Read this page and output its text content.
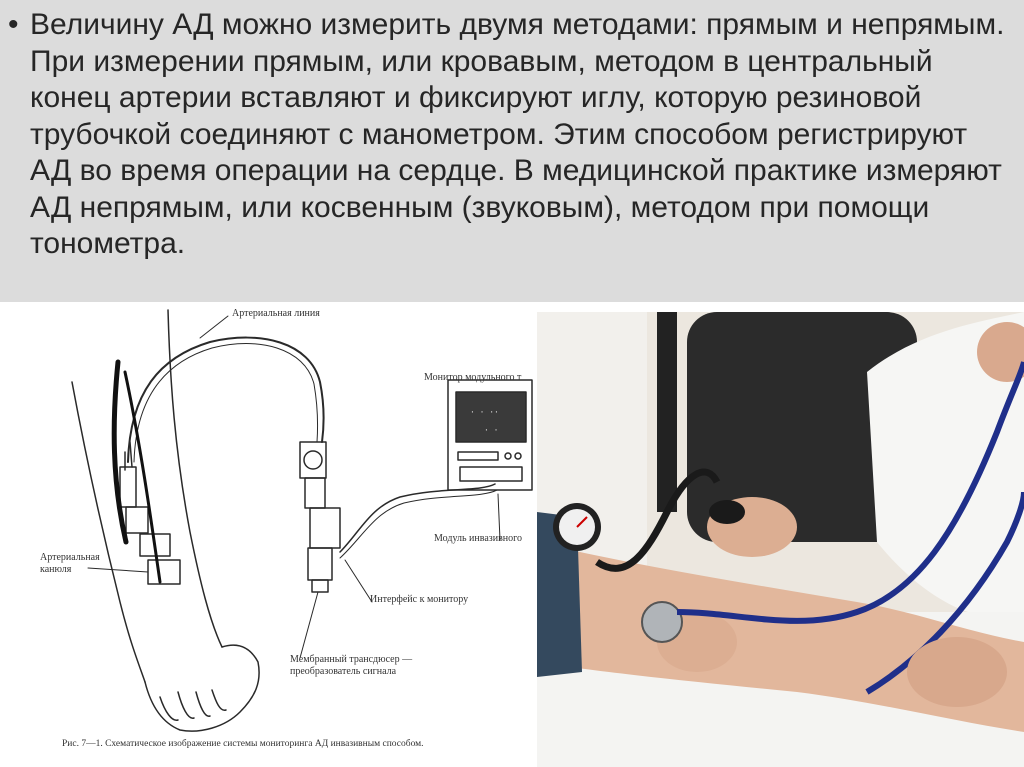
• Величину АД можно измерить двумя методами: прямым и непрямым. При измерении прямым, или кровавым, методом в центральный конец артерии вставляют и фиксируют иглу, которую резиновой трубочкой соединяют с манометром. Этим способом регистрируют АД во время операции на сердце. В медицинской практике измеряют АД непрямым, или косвенным (звуковым), методом при помощи тонометра.
· · ··
· ·
Артериальная линия
Монитор модульного т
Модуль инвазивного
Артериальная канюля
Интерфейс к монитору
Мембранный трансдюсер — преобразователь сигнала
Рис. 7—1. Схематическое изображение системы мониторинга АД инвазивным способом.
